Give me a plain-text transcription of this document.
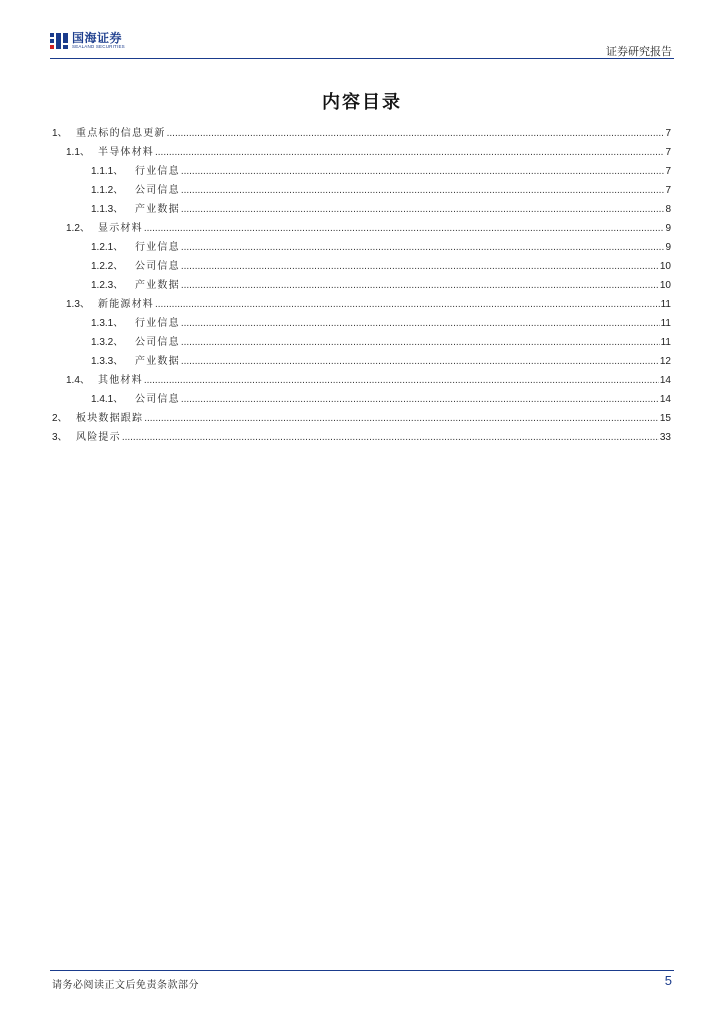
国海证券
SEALAND SECURITIES	证券研究报告
内容目录
1、 重点标的信息更新 .....	7
1.1、 半导体材料 .....	7
1.1.1、	行业信息 .....	7
1.1.2、	公司信息 .....	7
1.1.3、	产业数据 .....	8
1.2、 显示材料 .....	9
1.2.1、	行业信息 .....	9
1.2.2、	公司信息 .....	10
1.2.3、	产业数据 .....	10
1.3、 新能源材料 .....	11
1.3.1、	行业信息 .....	11
1.3.2、	公司信息 .....	11
1.3.3、	产业数据 .....	12
1.4、 其他材料 .....	14
1.4.1、	公司信息 .....	14
2、 板块数据跟踪 .....	15
3、 风险提示 .....	33
请务必阅读正文后免责条款部分	5
